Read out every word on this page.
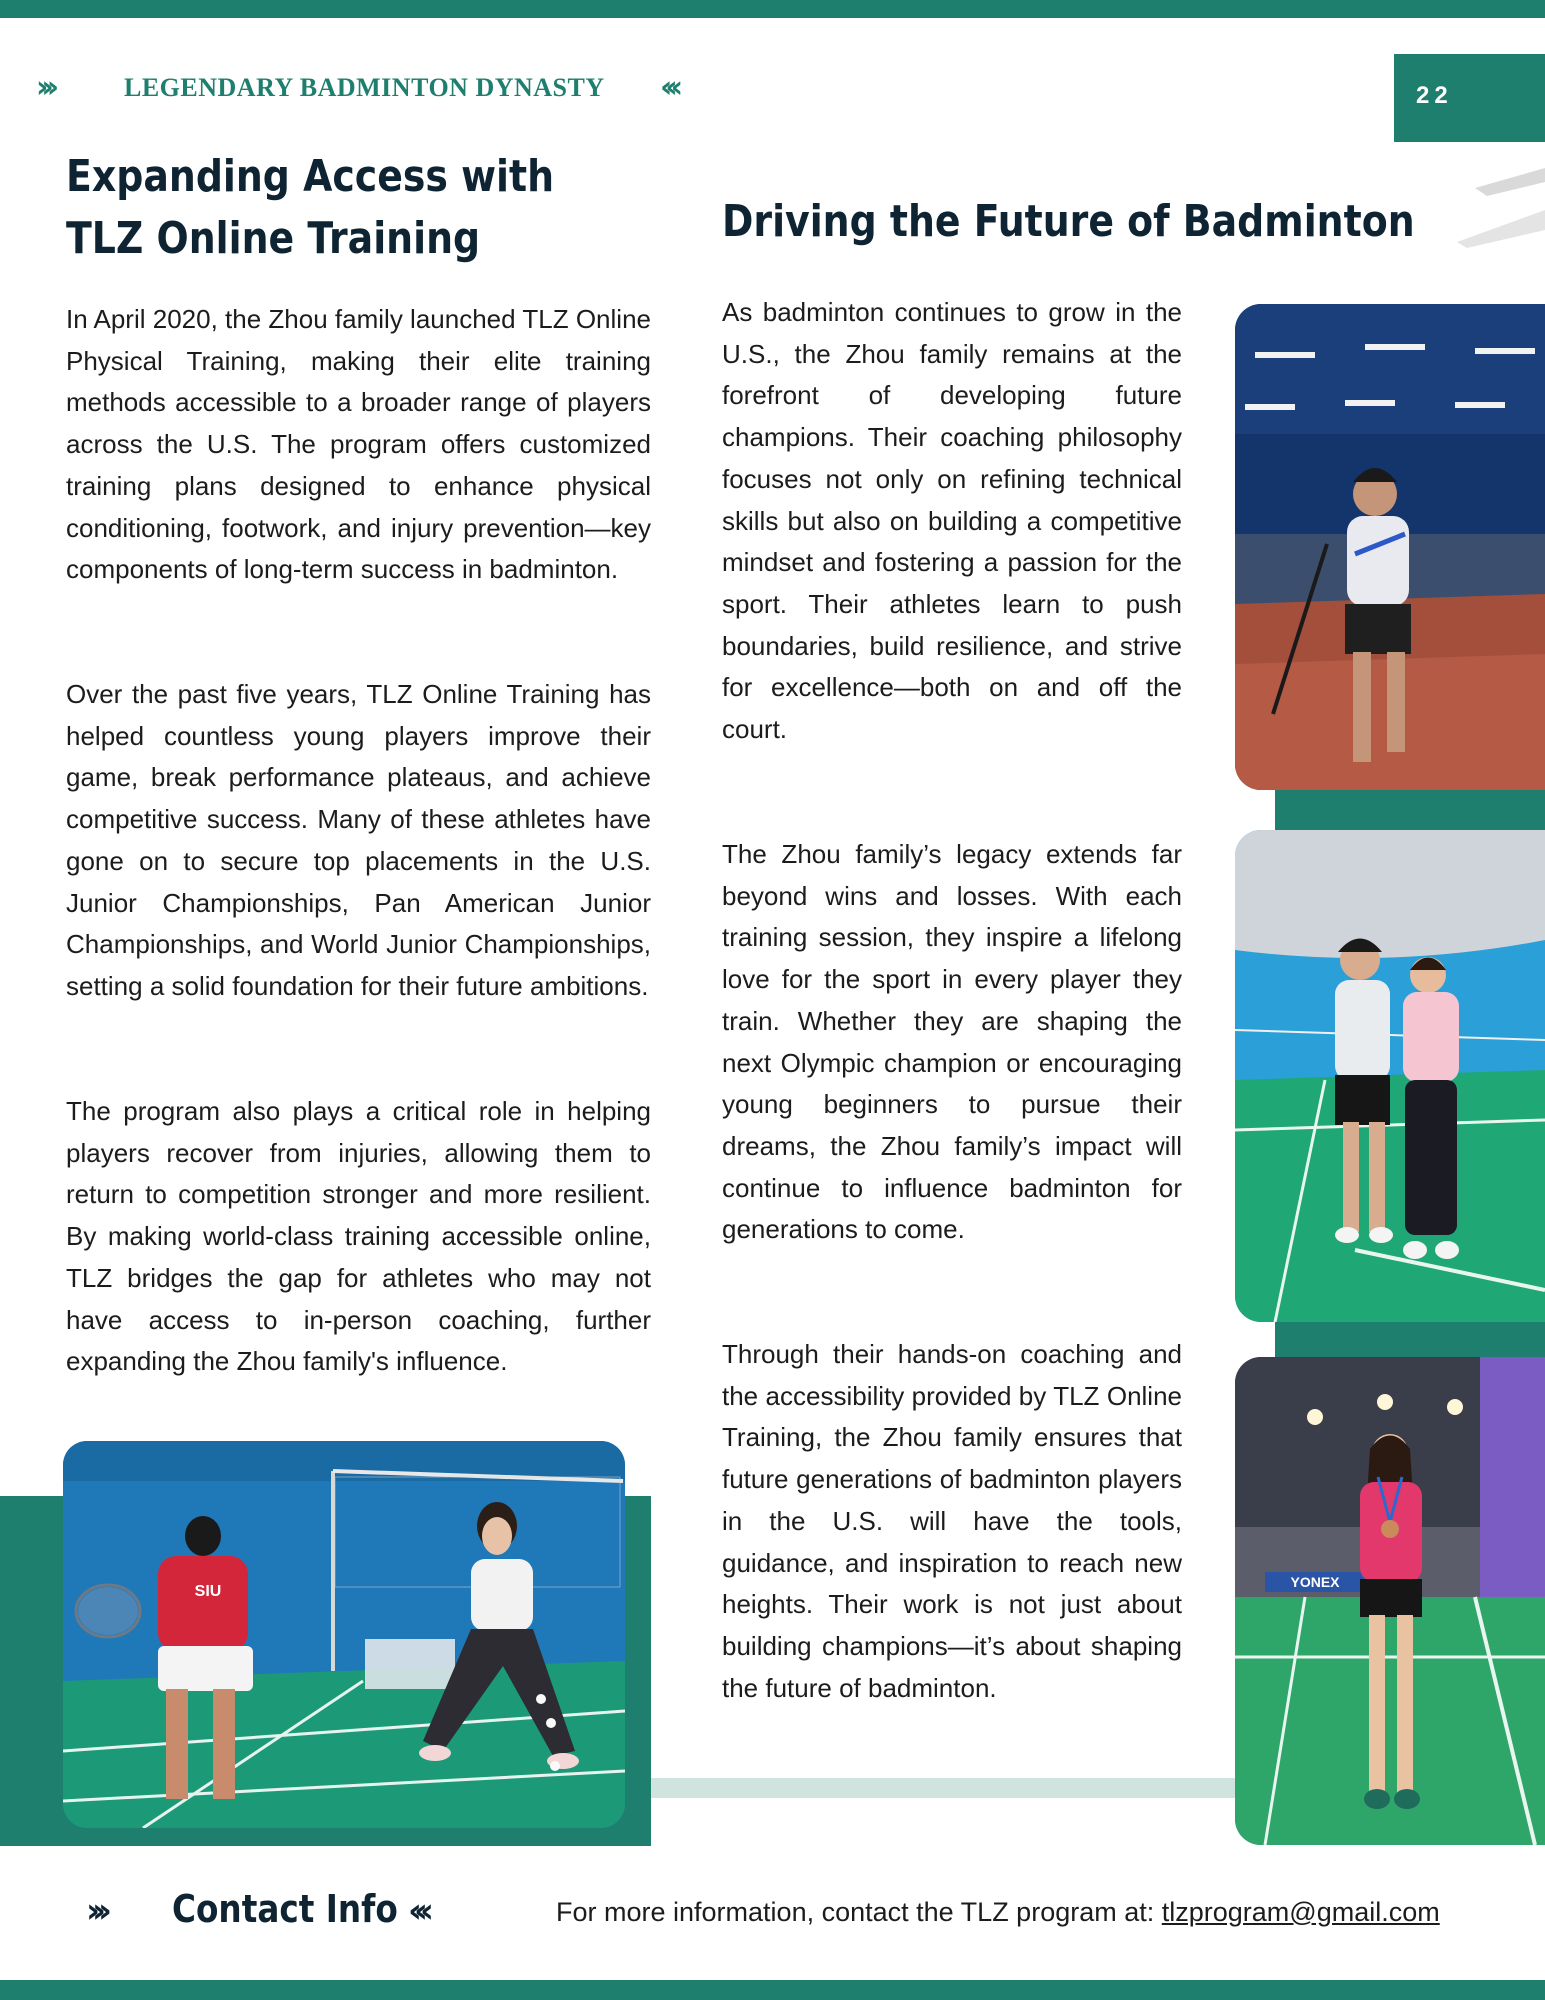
›››	LEGENDARY BADMINTON DYNASTY ‹‹‹	22
Expanding Access with TLZ Online Training

In April 2020, the Zhou family launched TLZ Online Physical Training, making their elite training methods accessible to a broader range of players across the U.S. The program offers customized training plans designed to enhance physical conditioning, footwork, and injury prevention—key components of long-term success in badminton.

Over the past five years, TLZ Online Training has helped countless young players improve their game, break performance plateaus, and achieve competitive success. Many of these athletes have gone on to secure top placements in the U.S. Junior Championships, Pan American Junior Championships, and World Junior Championships, setting a solid foundation for their future ambitions.

The program also plays a critical role in helping players recover from injuries, allowing them to return to competition stronger and more resilient. By making world-class training accessible online, TLZ bridges the gap for athletes who may not have access to in-person coaching, further expanding the Zhou family's influence.

Driving the Future of Badminton

As badminton continues to grow in the U.S., the Zhou family remains at the forefront of developing future champions. Their coaching philosophy focuses not only on refining technical skills but also on building a competitive mindset and fostering a passion for the sport. Their athletes learn to push boundaries, build resilience, and strive for excellence—both on and off the court.

The Zhou family’s legacy extends far beyond wins and losses. With each training session, they inspire a lifelong love for the sport in every player they train. Whether they are shaping the next Olympic champion or encouraging young beginners to pursue their dreams, the Zhou family’s impact will continue to influence badminton for generations to come.

Through their hands-on coaching and the accessibility provided by TLZ Online Training, the Zhou family ensures that future generations of badminton players in the U.S. will have the tools, guidance, and inspiration to reach new heights. Their work is not just about building champions—it’s about shaping the future of badminton.

SIU
YONEX
››› Contact Info ‹‹‹	For more information, contact the TLZ program at: tlzprogram@gmail.com
